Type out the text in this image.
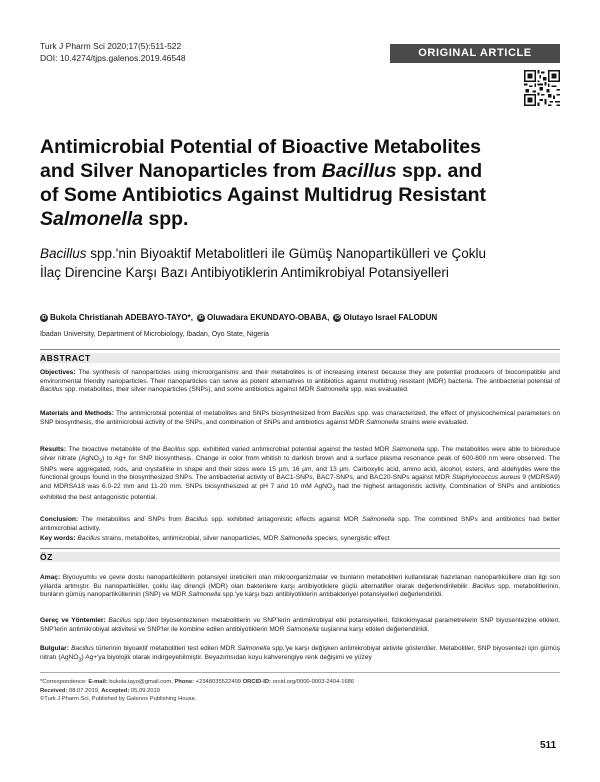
Turk J Pharm Sci 2020;17(5):511-522
DOI: 10.4274/tjps.galenos.2019.46548	ORIGINAL ARTICLE
Antimicrobial Potential of Bioactive Metabolites
and Silver Nanoparticles from Bacillus spp. and
of Some Antibiotics Against Multidrug Resistant
Salmonella spp.
Bacillus spp.'nin Biyoaktif Metabolitleri ile Gümüş Nanopartikülleri ve Çoklu
İlaç Direncine Karşı Bazı Antibiyotiklerin Antimikrobiyal Potansiyelleri
iD Bukola Christianah ADEBAYO-TAYO*,	iD Oluwadara EKUNDAYO-OBABA,	iD Olutayo Israel FALODUN
Ibadan University, Department of Microbiology, Ibadan, Oyo State, Nigeria
ABSTRACT
Objectives: The synthesis of nanoparticles using microorganisms and their metabolites is of increasing interest because they are potential producers of biocompatible and environmental friendly nanoparticles. Their nanoparticles can serve as potent alternatives to antibiotics against multidrug resistant (MDR) bacteria. The antibacterial potential of Bacillus spp. metabolites, their silver nanoparticles (SNPs), and some antibiotics against MDR Salmonella spp. was evaluated.
Materials and Methods: The antimicrobial potential of metabolites and SNPs biosynthesized from Bacillus spp. was characterized, the effect of physicochemical parameters on SNP biosynthesis, the antimicrobial activity of the SNPs, and combination of SNPs and antibiotics against MDR Salmonella strains were evaluated.
Results: The bioactive metabolite of the Bacillus spp. exhibited varied antimicrobial potential against the tested MDR Salmonella spp. The metabolites were able to bioreduce silver nitrate (AgNO$_3$) to Ag+ for SNP biosynthesis. Change in color from whitish to darkish brown and a surface plasma resonance peak of 600-800 nm were observed. The SNPs were aggregated, rods, and crystalline in shape and their sizes were 15 µm, 16 µm, and 13 µm. Carboxylic acid, amino acid, alcohol, esters, and aldehydes were the functional groups found in the biosynthesized SNPs. The antibacterial activity of BAC1-SNPs, BAC7-SNPs, and BAC20-SNPs against MDR Staphylococcus aureus 9 (MDRSA9) and MDRSA18 was 6.0-22 mm and 11-20 mm. SNPs biosynthesized at pH 7 and 10 mM AgNO$_3$ had the highest antagonistic activity. Combination of SNPs and antibiotics exhibited the best antagonistic potential.
Conclusion: The metabolites and SNPs from Bacillus spp. exhibited antagonistic effects against MDR Salmonella spp. The combined SNPs and antibiotics had better antimicrobial activity.
Key words: Bacillus strains, metabolites, antimicrobial, silver nanoparticles, MDR Salmonella species, synergistic effect
ÖZ
Amaç: Biyouyumlu ve çevre dostu nanopartiküllerin potansiyel üreticileri olan mikroorganizmalar ve bunların metabolitleri kullanılarak hazırlanan nanopartiküllere olan ilgi son yıllarda artmıştır. Bu nanopartiküller, çoklu ilaç dirençli (MDR) olan bakterilere karşı antibiyotiklere güçlü alternatifler olarak değerlendirilebilir. Bacillus spp. metabolitlerinin, bunların gümüş nanopartiküllerinin (SNP) ve MDR Salmonella spp.'ye karşı bazı antibiyotiklerin antibakteriyel potansiyelleri değerlendirildi.
Gereç ve Yöntemler: Bacillus spp.'den biyosentezlenen metabolitlerin ve SNP'lerin antimikrobiyal etki potansiyelleri, fizikokimyasal parametrelerin SNP biyosentezine etkileri, SNP'lerin antimikrobiyal aktivitesi ve SNP'ler ile kombine edilen antibiyotiklerin MDR Salmonella suşlarına karşı etkileri değerlendirildi.
Bulgular: Bacillus türlerinin biyoaktif metabolitleri test edilen MDR Salmonella spp.'ye karşı değişken antimikrobiyal aktivite gösterdiler. Metabolitler, SNP biyosentezi için gümüş nitratı (AgNO$_3$) Ag+'ya biyolojik olarak indirgeyebilmiştir. Beyazımsıdan koyu kahverengiye renk değişimi ve yüzey
*Correspondence: E-mail: bukola.tayo@gmail.com, Phone: +2348035522409 ORCID-ID: orcid.org/0000-0003-2404-1686
Received: 08.07.2019, Accepted: 05.09.2019
©Turk J Pharm Sci, Published by Galenos Publishing House.
511
